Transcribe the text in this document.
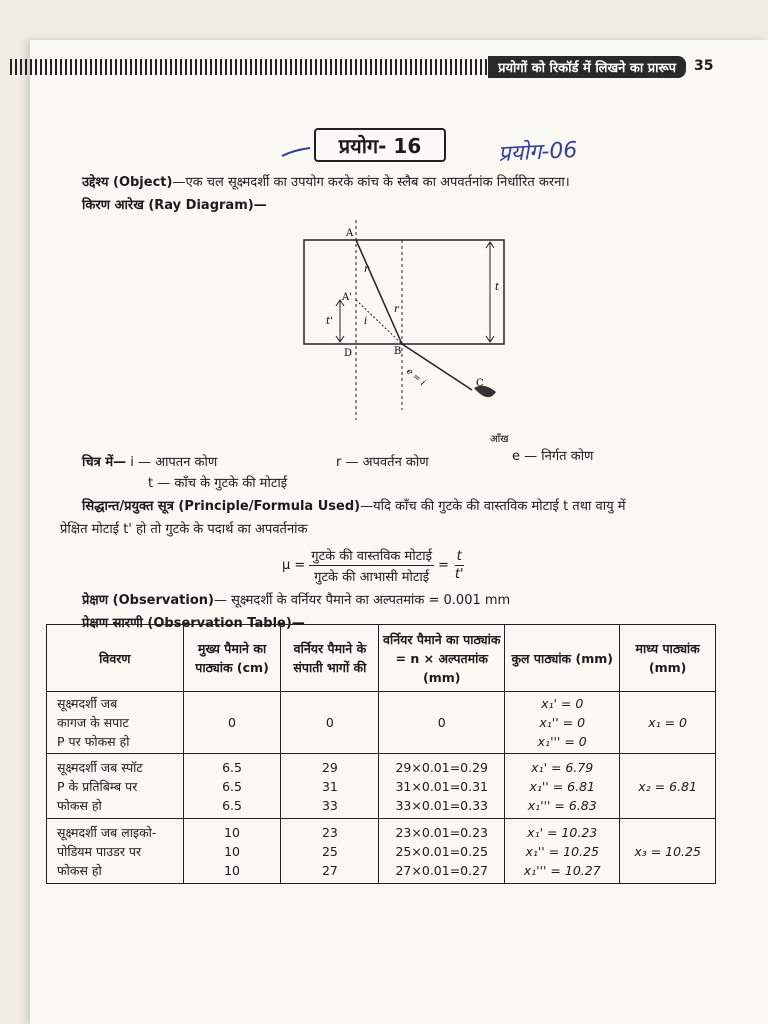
प्रयोगों को रिकॉर्ड में लिखने का प्रारूप	35
प्रयोग- 16	प्रयोग-06
उद्देश्य (Object)—एक चल सूक्ष्मदर्शी का उपयोग करके कांच के स्लैब का अपवर्तनांक निर्धारित करना।
किरण आरेख (Ray Diagram)—
A
A'
D	B
C
r
i
r
e = i
t
t'
आँख
चित्र में— i — आपतन कोण	r — अपवर्तन कोण	e — निर्गत कोण
t — काँच के गुटके की मोटाई
सिद्धान्त/प्रयुक्त सूत्र (Principle/Formula Used)—यदि काँच की गुटके की वास्तविक मोटाई t तथा वायु में
प्रेक्षित मोटाई t' हो तो गुटके के पदार्थ का अपवर्तनांक
$\mu = \frac{\text{गुटके की वास्तविक मोटाई}}{\text{गुटके की आभासी मोटाई}} = \frac{t}{t'}$
प्रेक्षण (Observation)— सूक्ष्मदर्शी के वर्नियर पैमाने का अल्पतमांक = 0.001 mm
प्रेक्षण सारणी (Observation Table)—
विवरण	मुख्य पैमाने का पाठ्यांक (cm)	वर्नियर पैमाने के संपाती भागों की	वर्नियर पैमाने का पाठ्यांक = n × अल्पतमांक (mm)	कुल पाठ्यांक (mm)	माध्य पाठ्यांक (mm)

सूक्ष्मदर्शी जब
कागज के सपाट
P पर फोकस हो	0	0	0	x₁' = 0
x₁'' = 0
x₁''' = 0	x₁ = 0

सूक्ष्मदर्शी जब स्पॉट
P के प्रतिबिम्ब पर
फोकस हो	6.5
6.5
6.5	29
31
33	29×0.01=0.29
31×0.01=0.31
33×0.01=0.33	x₁' = 6.79
x₁'' = 6.81
x₁''' = 6.83	x₂ = 6.81

सूक्ष्मदर्शी जब लाइको-
पोडियम पाउडर पर
फोकस हो	10
10
10	23
25
27	23×0.01=0.23
25×0.01=0.25
27×0.01=0.27	x₁' = 10.23
x₁'' = 10.25
x₁''' = 10.27	x₃ = 10.25
